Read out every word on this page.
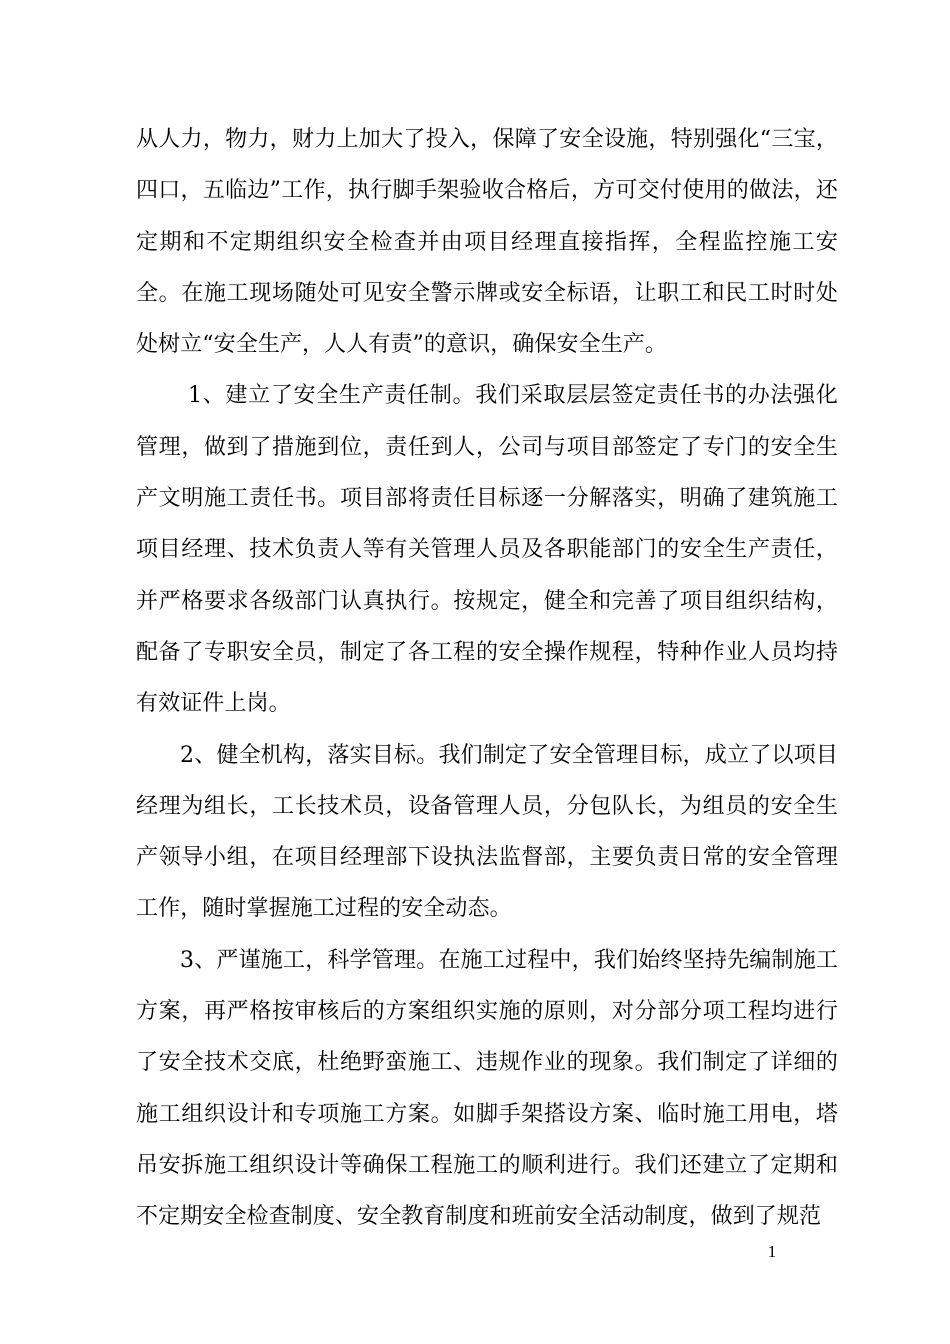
从人力，物力，财力上加大了投入，保障了安全设施，特别强化“三宝，四口，五临边”工作，执行脚手架验收合格后，方可交付使用的做法，还定期和不定期组织安全检查并由项目经理直接指挥，全程监控施工安全。在施工现场随处可见安全警示牌或安全标语，让职工和民工时时处处树立“安全生产，人人有责”的意识，确保安全生产。

1、建立了安全生产责任制。我们采取层层签定责任书的办法强化管理，做到了措施到位，责任到人，公司与项目部签定了专门的安全生产文明施工责任书。项目部将责任目标逐一分解落实，明确了建筑施工项目经理、技术负责人等有关管理人员及各职能部门的安全生产责任，并严格要求各级部门认真执行。按规定，健全和完善了项目组织结构，配备了专职安全员，制定了各工程的安全操作规程，特种作业人员均持有效证件上岗。

2、健全机构，落实目标。我们制定了安全管理目标，成立了以项目经理为组长，工长技术员，设备管理人员，分包队长，为组员的安全生产领导小组，在项目经理部下设执法监督部，主要负责日常的安全管理工作，随时掌握施工过程的安全动态。

3、严谨施工，科学管理。在施工过程中，我们始终坚持先编制施工方案，再严格按审核后的方案组织实施的原则，对分部分项工程均进行了安全技术交底，杜绝野蛮施工、违规作业的现象。我们制定了详细的施工组织设计和专项施工方案。如脚手架搭设方案、临时施工用电，塔吊安拆施工组织设计等确保工程施工的顺利进行。我们还建立了定期和不定期安全检查制度、安全教育制度和班前安全活动制度，做到了规范

1
